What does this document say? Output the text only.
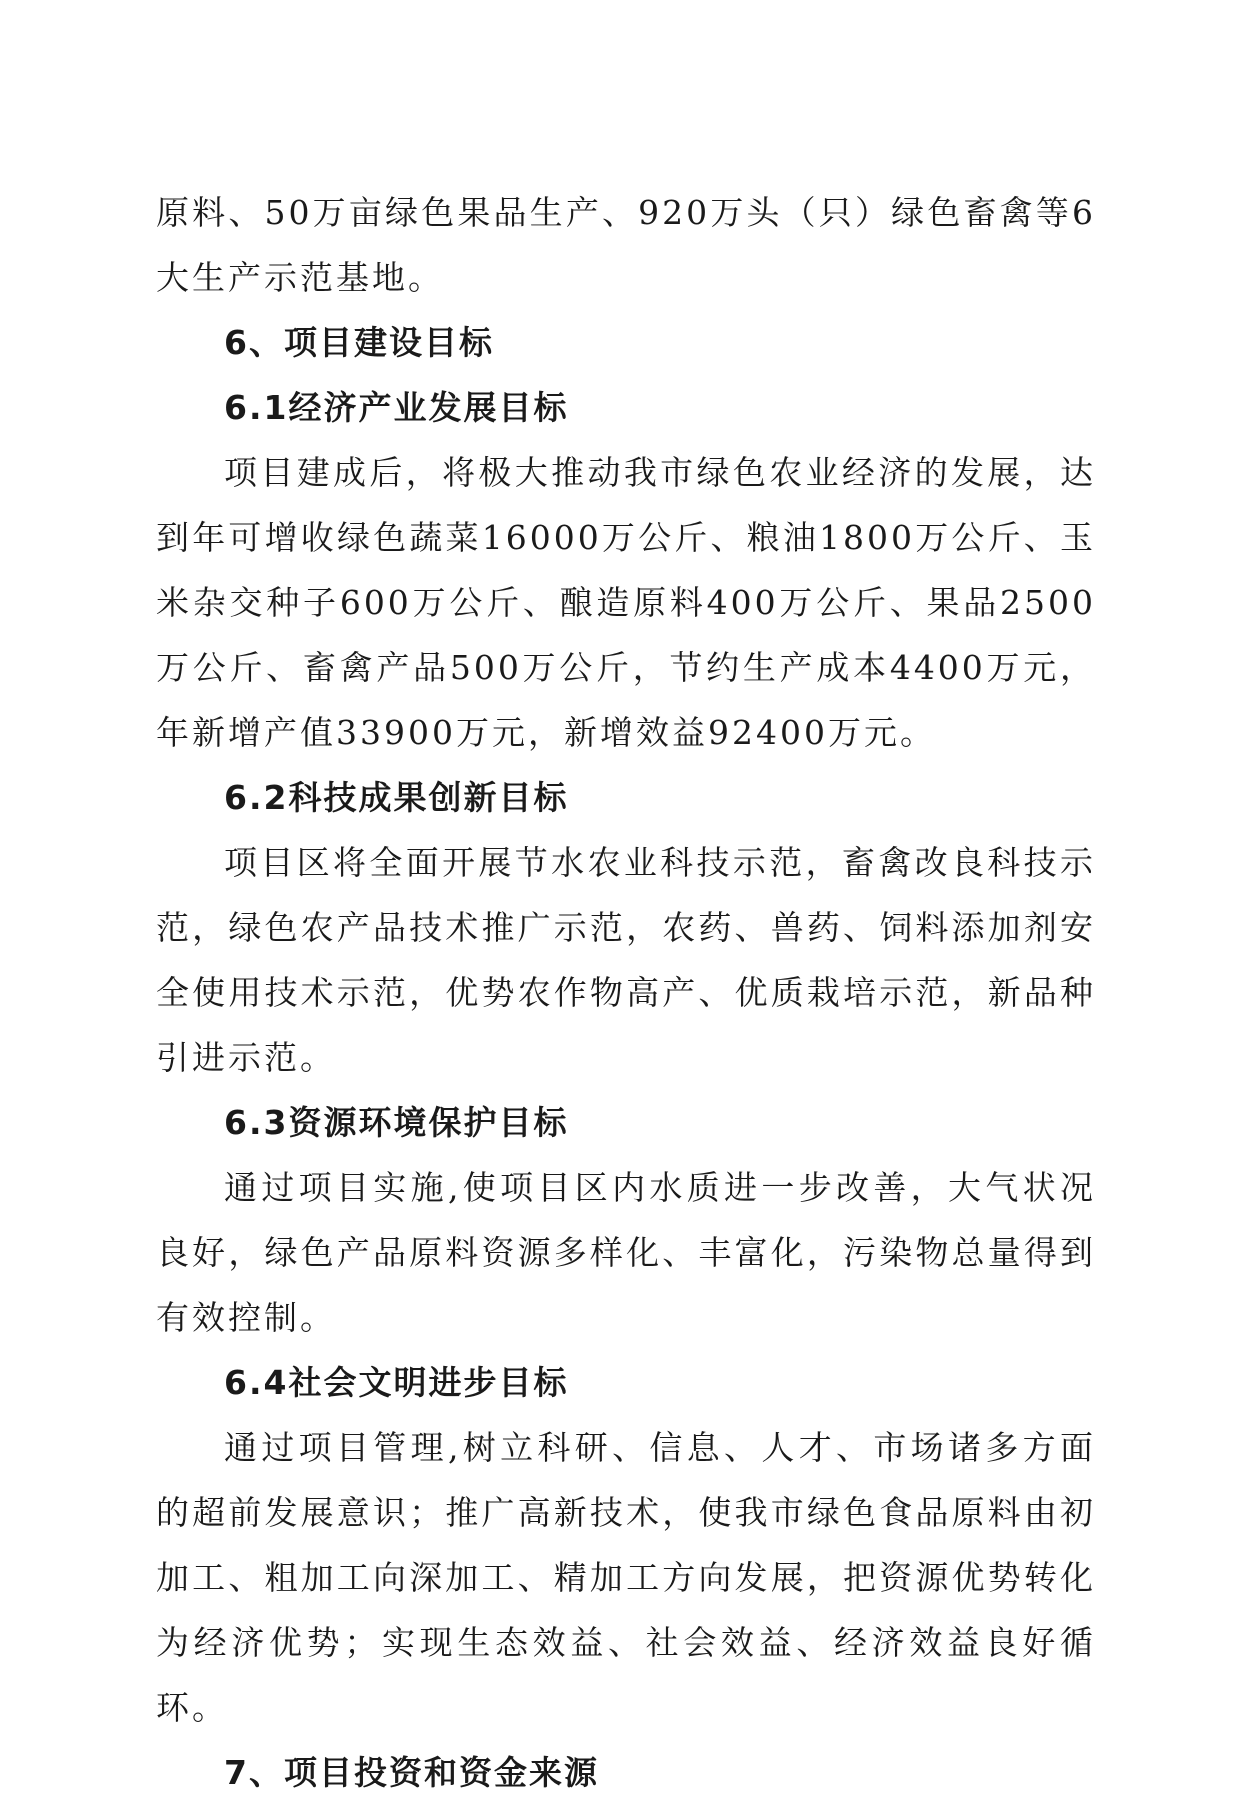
原料、50万亩绿色果品生产、920万头（只）绿色畜禽等6大生产示范基地。

6、项目建设目标

6.1经济产业发展目标

项目建成后，将极大推动我市绿色农业经济的发展，达到年可增收绿色蔬菜16000万公斤、粮油1800万公斤、玉米杂交种子600万公斤、酿造原料400万公斤、果品2500万公斤、畜禽产品500万公斤，节约生产成本4400万元，年新增产值33900万元，新增效益92400万元。

6.2科技成果创新目标

项目区将全面开展节水农业科技示范，畜禽改良科技示范，绿色农产品技术推广示范，农药、兽药、饲料添加剂安全使用技术示范，优势农作物高产、优质栽培示范，新品种引进示范。

6.3资源环境保护目标

通过项目实施,使项目区内水质进一步改善，大气状况良好，绿色产品原料资源多样化、丰富化，污染物总量得到有效控制。

6.4社会文明进步目标

通过项目管理,树立科研、信息、人才、市场诸多方面的超前发展意识；推广高新技术，使我市绿色食品原料由初加工、粗加工向深加工、精加工方向发展，把资源优势转化为经济优势；实现生态效益、社会效益、经济效益良好循环。

7、项目投资和资金来源
